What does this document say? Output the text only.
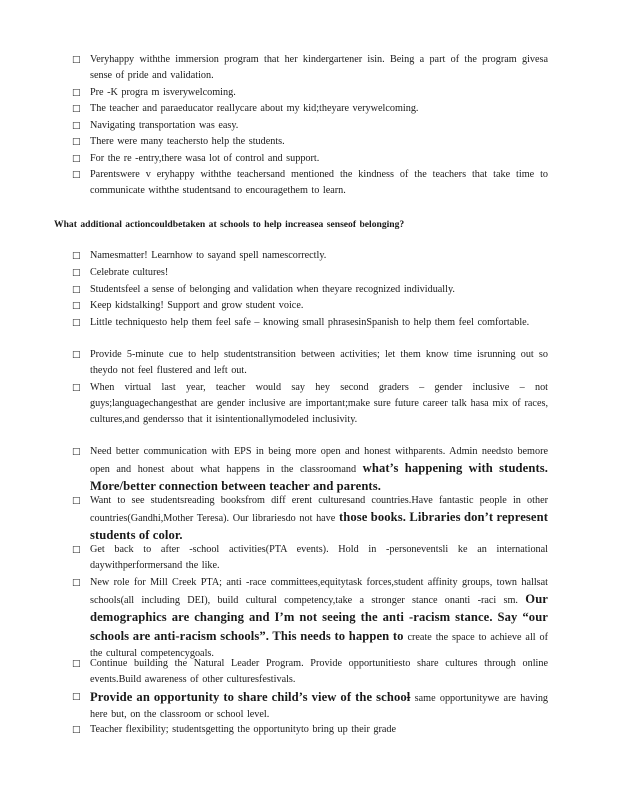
□ Veryhappy withthe immersion program that her kindergartener isin. Being a part of the program givesa sense of pride and validation.
□ Pre -K progra m isverywelcoming.
□ The teacher and paraeducator reallycare about my kid;theyare verywelcoming.
□ Navigating transportation was easy.
□ There were many teachersto help the students.
□ For the re -entry,there wasa lot of control and support.
□ Parentswere v eryhappy withthe teachersand mentioned the kindness of the teachers that take time to communicate withthe studentsand to encouragethem to learn.
What additional actioncouldbetaken at schools to help increasea senseof belonging?
□ Namesmatter! Learnhow to sayand spell namescorrectly.
□ Celebrate cultures!
□ Studentsfeel a sense of belonging and validation when theyare recognized individually.
□ Keep kidstalking! Support and grow student voice.
□ Little techniquesto help them feel safe – knowing small phrasesinSpanish to help them feel comfortable.
□ Provide 5-minute cue to help studentstransition between activities; let them know time isrunning out so theydo not feel flustered and left out.
□ When virtual last year, teacher would say hey second graders – gender inclusive – not guys;languagechangesthat are gender inclusive are important;make sure future career talk hasa mix of races, cultures,and gendersso that it isintentionallymodeled inclusivity.
□ Need better communication with EPS in being more open and honest withparents. Admin needsto bemore open and honest about what happens in the classroomand what’s happening with students. More/better connection between teacher and parents.
□ Want to see studentsreading booksfrom diff erent culturesand countries.Have fantastic people in other countries(Gandhi,Mother Teresa). Our librariesdo not have those books. Libraries don’t represent students of color.
□ Get back to after -school activities(PTA events). Hold in -personeventsli ke an international daywithperformersand the like.
□ New role for Mill Creek PTA; anti -race committees,equitytask forces,student affinity groups, town hallsat schools(all including DEI), build cultural competency,take a stronger stance onanti -raci sm. Our demographics are changing and I’m not seeing the anti -racism stance. Say “our schools are anti-racism schools”. This needs to happen to create the space to achieve all of the cultural competencygoals.
□ Continue building the Natural Leader Program. Provide opportunitiesto share cultures through online events.Build awareness of other culturesfestivals.
□ Provide an opportunity to share child’s view of the school same opportunitywe are having here but, on the classroom or school level.
□ Teacher flexibility; studentsgetting the opportunityto bring up their grade
